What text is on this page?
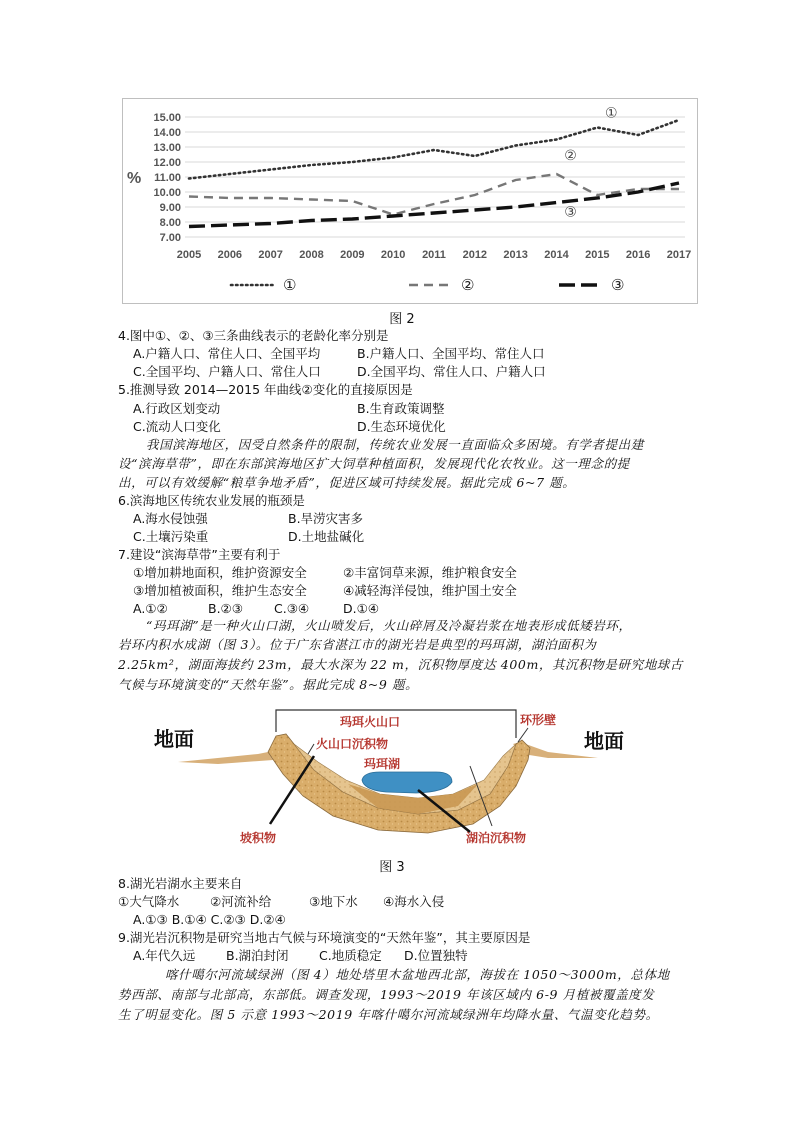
7.00
8.00
9.00
10.00
11.00
12.00
13.00
14.00
15.00
2005 2006 2007 2008 2009 2010 2011 2012 2013 2014 2015 2016 2017
①
②
③
①	②	③
%
图 2
4.图中①、②、③三条曲线表示的老龄化率分别是
A.户籍人口、常住人口、全国平均	B.户籍人口、全国平均、常住人口
C.全国平均、户籍人口、常住人口	D.全国平均、常住人口、户籍人口
5.推测导致 2014—2015 年曲线②变化的直接原因是
A.行政区划变动	B.生育政策调整
C.流动人口变化	D.生态环境优化
我国滨海地区，因受自然条件的限制，传统农业发展一直面临众多困境。有学者提出建
设“滨海草带”，即在东部滨海地区扩大饲草种植面积，发展现代化农牧业。这一理念的提
出，可以有效缓解“粮草争地矛盾”，促进区域可持续发展。据此完成 6~7 题。
6.滨海地区传统农业发展的瓶颈是
A.海水侵蚀强	B.旱涝灾害多
C.土壤污染重	D.土地盐碱化
7.建设“滨海草带”主要有利于
①增加耕地面积，维护资源安全	②丰富饲草来源，维护粮食安全
③增加植被面积，维护生态安全	④减轻海洋侵蚀，维护国土安全
A.①②	B.②③ C.③④	D.①④
“玛珥湖”是一种火山口湖，火山喷发后，火山碎屑及冷凝岩浆在地表形成低矮岩环，
岩环内积水成湖（图 3）。位于广东省湛江市的湖光岩是典型的玛珥湖，湖泊面积为
2.25km²，湖面海拔约 23m，最大水深为 22 m，沉积物厚度达 400m，其沉积物是研究地球古
气候与环境演变的“天然年鉴”。据此完成 8~9 题。
地面	地面
玛珥火山口	环形壁
火山口沉积物
玛珥湖
坡积物	湖泊沉积物
图 3
8.湖光岩湖水主要来自
①大气降水 ②河流补给	③地下水 ④海水入侵
A.①③ B.①④ C.②③ D.②④
9.湖光岩沉积物是研究当地古气候与环境演变的“天然年鉴”，其主要原因是
A.年代久远 B.湖泊封闭 C.地质稳定 D.位置独特
喀什噶尔河流域绿洲（图 4）地处塔里木盆地西北部，海拔在 1050～3000m，总体地
势西部、南部与北部高，东部低。调查发现，1993～2019 年该区域内 6-9 月植被覆盖度发
生了明显变化。图 5 示意 1993～2019 年喀什噶尔河流域绿洲年均降水量、气温变化趋势。
